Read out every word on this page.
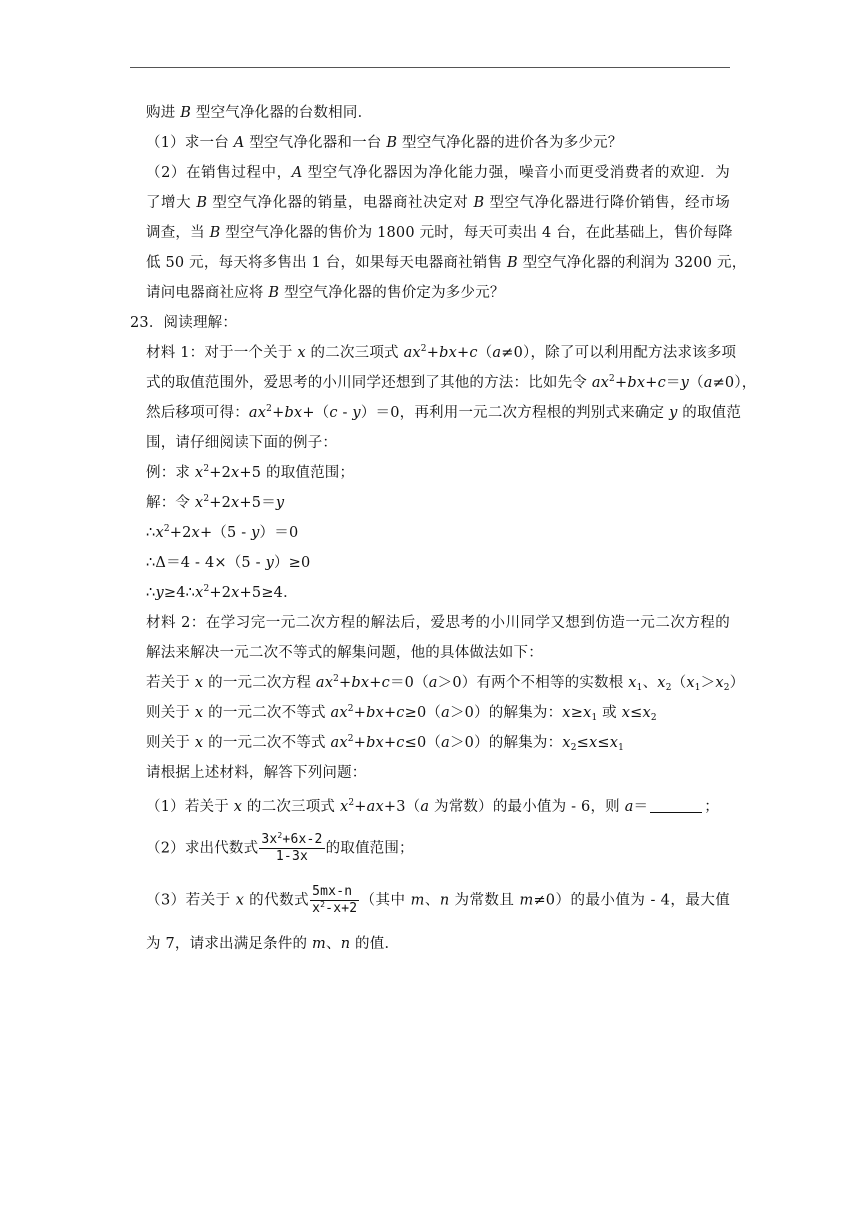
购进 B 型空气净化器的台数相同．
（1）求一台 A 型空气净化器和一台 B 型空气净化器的进价各为多少元？
（2）在销售过程中，A 型空气净化器因为净化能力强，噪音小而更受消费者的欢迎．为
了增大 B 型空气净化器的销量，电器商社决定对 B 型空气净化器进行降价销售，经市场
调查，当 B 型空气净化器的售价为 1800 元时，每天可卖出 4 台，在此基础上，售价每降
低 50 元，每天将多售出 1 台，如果每天电器商社销售 B 型空气净化器的利润为 3200 元，
请问电器商社应将 B 型空气净化器的售价定为多少元？
23．阅读理解：
材料 1：对于一个关于 x 的二次三项式 $ax^2+bx+c(a\ne 0)$，除了可以利用配方法求该多项
式的取值范围外，爱思考的小川同学还想到了其他的方法：比如先令 $ax^2+bx+c=y(a\ne 0)$，
然后移项可得：$ax^2+bx+(c - y)=0$，再利用一元二次方程根的判别式来确定 y 的取值范
围，请仔细阅读下面的例子：
例：求 $x^2+2x+5$ 的取值范围；
解：令 $x^2+2x+5=y$
$\therefore x^2+2x+(5 - y)=0$
∴Δ＝4 - 4×（5 - y）≥0
$\therefore y\ge 4\therefore x^2+2x+5\ge 4$．
材料 2：在学习完一元二次方程的解法后，爱思考的小川同学又想到仿造一元二次方程的
解法来解决一元二次不等式的解集问题，他的具体做法如下：
若关于 x 的一元二次方程 $ax^2+bx+c=0(a>0)$有两个不相等的实数根 $x_1$、$x_2(x_1>x_2)$
则关于 x 的一元二次不等式 $ax^2+bx+c\ge 0(a>0)$的解集为：$x\ge x_1$ 或 $x\le x_2$
则关于 x 的一元二次不等式 $ax^2+bx+c\le 0(a>0)$的解集为：$x_2\le x\le x_1$
请根据上述材料，解答下列问题：
（1）若关于 x 的二次三项式 $x^2+ax+3(a$ 为常数）的最小值为 - 6，则 a＝	；
（2）求出代数式 $\frac{3x^2+6x-2}{1-3x}$ 的取值范围；
（3）若关于 x 的代数式 $\frac{5mx-n}{x^2-x+2}$ （其中 m、n 为常数且 m≠0）的最小值为 - 4，最大值
为 7，请求出满足条件的 m、n 的值．
